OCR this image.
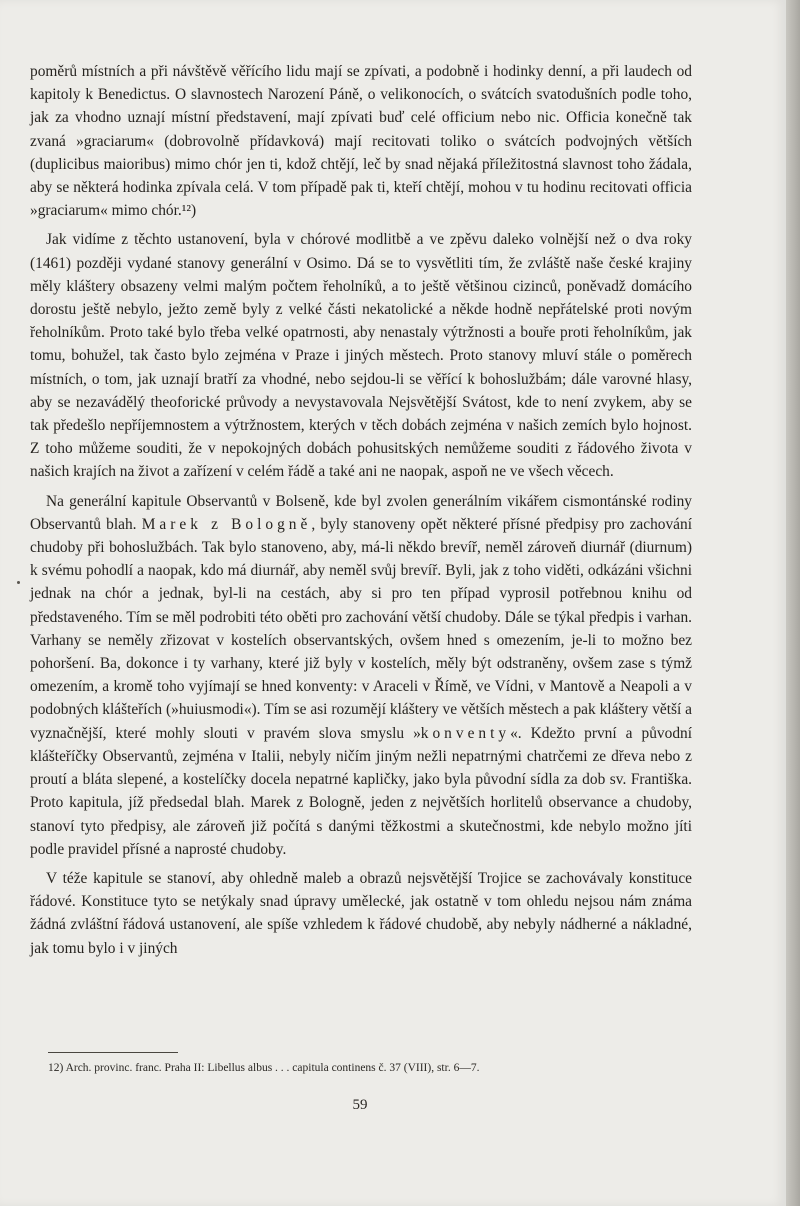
poměrů místních a při návštěvě věřícího lidu mají se zpívati, a podobně i hodinky denní, a při laudech od kapitoly k Benedictus. O slavnostech Narození Páně, o velikonocích, o svátcích svatodušních podle toho, jak za vhodno uznají místní představení, mají zpívati buď celé officium nebo nic. Officia konečně tak zvaná »graciarum« (dobrovolně přídavková) mají recitovati toliko o svátcích podvojných větších (duplicibus maioribus) mimo chór jen ti, kdož chtějí, leč by snad nějaká příležitostná slavnost toho žádala, aby se některá hodinka zpívala celá. V tom případě pak ti, kteří chtějí, mohou v tu hodinu recitovati officia »graciarum« mimo chór.¹²)

Jak vidíme z těchto ustanovení, byla v chórové modlitbě a ve zpěvu daleko volnější než o dva roky (1461) později vydané stanovy generální v Osimo. Dá se to vysvětliti tím, že zvláště naše české krajiny měly kláštery obsazeny velmi malým počtem řeholníků, a to ještě většinou cizinců, poněvadž domácího dorostu ještě nebylo, ježto země byly z velké části nekatolické a někde hodně nepřátelské proti novým řeholníkům. Proto také bylo třeba velké opatrnosti, aby nenastaly výtržnosti a bouře proti řeholníkům, jak tomu, bohužel, tak často bylo zejména v Praze i jiných městech. Proto stanovy mluví stále o poměrech místních, o tom, jak uznají bratří za vhodné, nebo sejdou-li se věřící k bohoslužbám; dále varovné hlasy, aby se nezavádělý theoforické průvody a nevystavovala Nejsvětější Svátost, kde to není zvykem, aby se tak předešlo nepříjemnostem a výtržnostem, kterých v těch dobách zejména v našich zemích bylo hojnost. Z toho můžeme souditi, že v nepokojných dobách pohusitských nemůžeme souditi z řádového života v našich krajích na život a zařízení v celém řádě a také ani ne naopak, aspoň ne ve všech věcech.

Na generální kapitule Observantů v Bolseně, kde byl zvolen generálním vikářem cismontánské rodiny Observantů blah. Marek z Bologně, byly stanoveny opět některé přísné předpisy pro zachování chudoby při bohoslužbách. Tak bylo stanoveno, aby, má-li někdo brevíř, neměl zároveň diurnář (diurnum) k svému pohodlí a naopak, kdo má diurnář, aby neměl svůj brevíř. Byli, jak z toho viděti, odkázáni všichni jednak na chór a jednak, byl-li na cestách, aby si pro ten případ vyprosil potřebnou knihu od představeného. Tím se měl podrobiti této oběti pro zachování větší chudoby. Dále se týkal předpis i varhan. Varhany se neměly zřizovat v kostelích observantských, ovšem hned s omezením, je-li to možno bez pohoršení. Ba, dokonce i ty varhany, které již byly v kostelích, měly být odstraněny, ovšem zase s týmž omezením, a kromě toho vyjímají se hned konventy: v Araceli v Římě, ve Vídni, v Mantově a Neapoli a v podobných klášteřích (»huiusmodi«). Tím se asi rozumějí kláštery ve větších městech a pak kláštery větší a vyznačnější, které mohly slouti v pravém slova smyslu »konventy«. Kdežto první a původní klášteříčky Observantů, zejména v Italii, nebyly ničím jiným nežli nepatrnými chatrčemi ze dřeva nebo z proutí a bláta slepené, a kostelíčky docela nepatrné kapličky, jako byla původní sídla za dob sv. Františka. Proto kapitula, jíž předsedal blah. Marek z Bologně, jeden z největších horlitelů observance a chudoby, stanoví tyto předpisy, ale zároveň již počítá s danými těžkostmi a skutečnostmi, kde nebylo možno jíti podle pravidel přísné a naprosté chudoby.

V téže kapitule se stanoví, aby ohledně maleb a obrazů nejsvětější Trojice se zachovávaly konstituce řádové. Konstituce tyto se netýkaly snad úpravy umělecké, jak ostatně v tom ohledu nejsou nám známa žádná zvláštní řádová ustanovení, ale spíše vzhledem k řádové chudobě, aby nebyly nádherné a nákladné, jak tomu bylo i v jiných

12) Arch. provinc. franc. Praha II: Libellus albus . . . capitula continens č. 37 (VIII), str. 6—7.
59
